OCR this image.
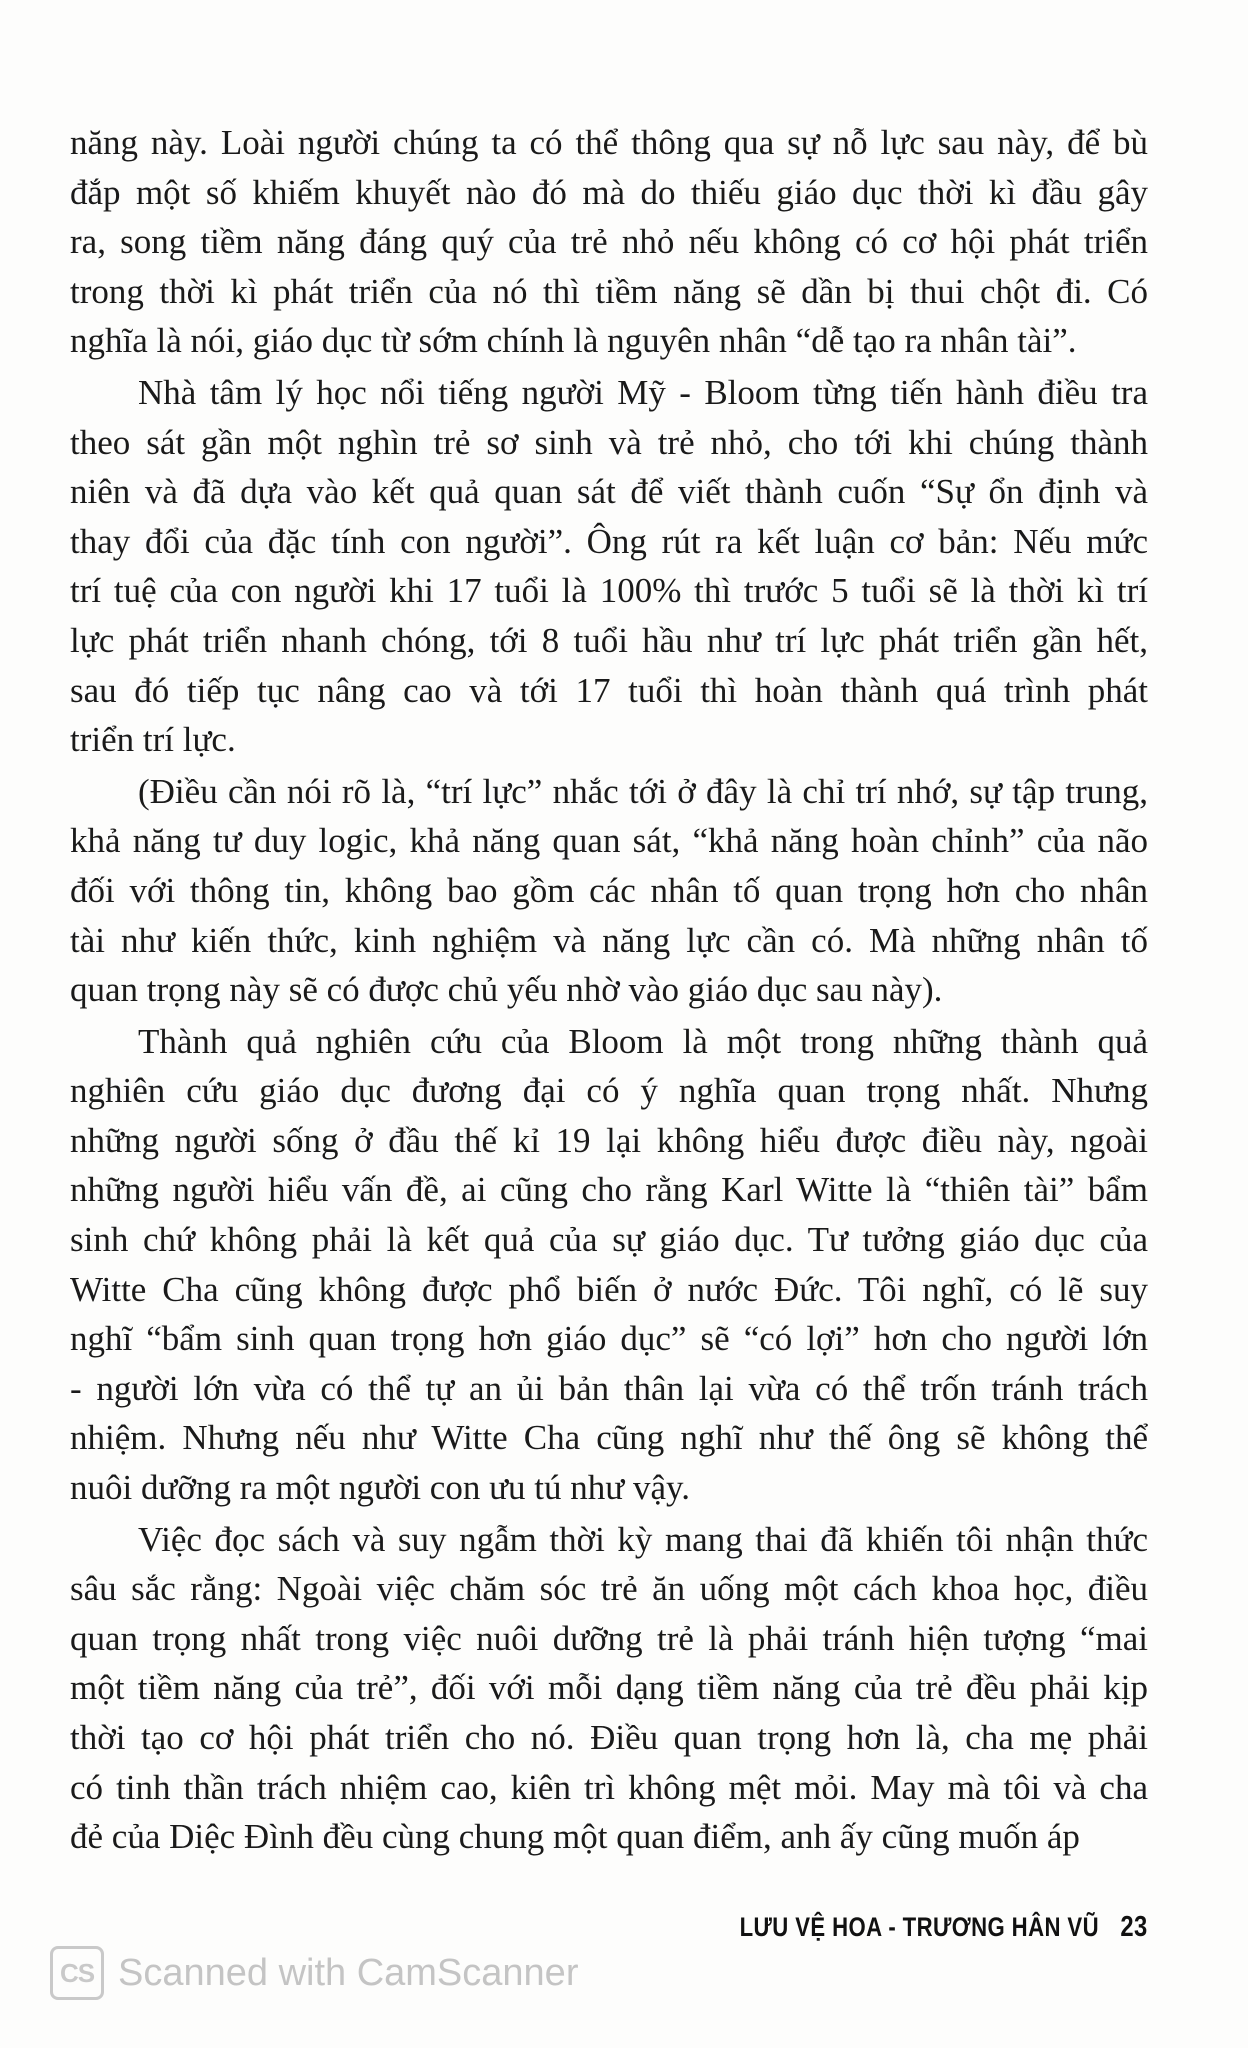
năng này. Loài người chúng ta có thể thông qua sự nỗ lực sau này, để bù
đắp một số khiếm khuyết nào đó mà do thiếu giáo dục thời kì đầu gây
ra, song tiềm năng đáng quý của trẻ nhỏ nếu không có cơ hội phát triển
trong thời kì phát triển của nó thì tiềm năng sẽ dần bị thui chột đi. Có
nghĩa là nói, giáo dục từ sớm chính là nguyên nhân “dễ tạo ra nhân tài”.

Nhà tâm lý học nổi tiếng người Mỹ - Bloom từng tiến hành điều tra
theo sát gần một nghìn trẻ sơ sinh và trẻ nhỏ, cho tới khi chúng thành
niên và đã dựa vào kết quả quan sát để viết thành cuốn “Sự ổn định và
thay đổi của đặc tính con người”. Ông rút ra kết luận cơ bản: Nếu mức
trí tuệ của con người khi 17 tuổi là 100% thì trước 5 tuổi sẽ là thời kì trí
lực phát triển nhanh chóng, tới 8 tuổi hầu như trí lực phát triển gần hết,
sau đó tiếp tục nâng cao và tới 17 tuổi thì hoàn thành quá trình phát
triển trí lực.

(Điều cần nói rõ là, “trí lực” nhắc tới ở đây là chỉ trí nhớ, sự tập trung,
khả năng tư duy logic, khả năng quan sát, “khả năng hoàn chỉnh” của não
đối với thông tin, không bao gồm các nhân tố quan trọng hơn cho nhân
tài như kiến thức, kinh nghiệm và năng lực cần có. Mà những nhân tố
quan trọng này sẽ có được chủ yếu nhờ vào giáo dục sau này).

Thành quả nghiên cứu của Bloom là một trong những thành quả
nghiên cứu giáo dục đương đại có ý nghĩa quan trọng nhất. Nhưng
những người sống ở đầu thế kỉ 19 lại không hiểu được điều này, ngoài
những người hiểu vấn đề, ai cũng cho rằng Karl Witte là “thiên tài” bẩm
sinh chứ không phải là kết quả của sự giáo dục. Tư tưởng giáo dục của
Witte Cha cũng không được phổ biến ở nước Đức. Tôi nghĩ, có lẽ suy
nghĩ “bẩm sinh quan trọng hơn giáo dục” sẽ “có lợi” hơn cho người lớn
- người lớn vừa có thể tự an ủi bản thân lại vừa có thể trốn tránh trách
nhiệm. Nhưng nếu như Witte Cha cũng nghĩ như thế ông sẽ không thể
nuôi dưỡng ra một người con ưu tú như vậy.

Việc đọc sách và suy ngẫm thời kỳ mang thai đã khiến tôi nhận thức
sâu sắc rằng: Ngoài việc chăm sóc trẻ ăn uống một cách khoa học, điều
quan trọng nhất trong việc nuôi dưỡng trẻ là phải tránh hiện tượng “mai
một tiềm năng của trẻ”, đối với mỗi dạng tiềm năng của trẻ đều phải kịp
thời tạo cơ hội phát triển cho nó. Điều quan trọng hơn là, cha mẹ phải
có tinh thần trách nhiệm cao, kiên trì không mệt mỏi. May mà tôi và cha
đẻ của Diệc Đình đều cùng chung một quan điểm, anh ấy cũng muốn áp

LƯU VỆ HOA - TRƯƠNG HÂN VŨ 23
CS Scanned with CamScanner
